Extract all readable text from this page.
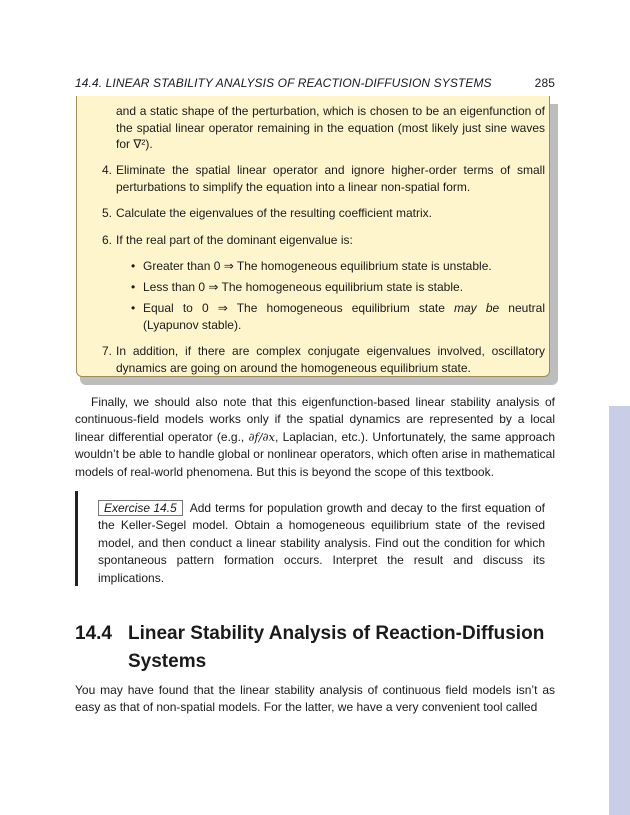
14.4. LINEAR STABILITY ANALYSIS OF REACTION-DIFFUSION SYSTEMS	285
and a static shape of the perturbation, which is chosen to be an eigenfunction of the spatial linear operator remaining in the equation (most likely just sine waves for ∇²).
4. Eliminate the spatial linear operator and ignore higher-order terms of small perturbations to simplify the equation into a linear non-spatial form.
5. Calculate the eigenvalues of the resulting coefficient matrix.
6. If the real part of the dominant eigenvalue is:
• Greater than 0 ⇒ The homogeneous equilibrium state is unstable.
• Less than 0 ⇒ The homogeneous equilibrium state is stable.
• Equal to 0 ⇒ The homogeneous equilibrium state may be neutral (Lyapunov stable).
7. In addition, if there are complex conjugate eigenvalues involved, oscillatory dynamics are going on around the homogeneous equilibrium state.
Finally, we should also note that this eigenfunction-based linear stability analysis of continuous-field models works only if the spatial dynamics are represented by a local linear differential operator (e.g., ∂f/∂x, Laplacian, etc.). Unfortunately, the same approach wouldn’t be able to handle global or nonlinear operators, which often arise in mathematical models of real-world phenomena. But this is beyond the scope of this textbook.
Exercise 14.5 Add terms for population growth and decay to the first equation of the Keller-Segel model. Obtain a homogeneous equilibrium state of the revised model, and then conduct a linear stability analysis. Find out the condition for which spontaneous pattern formation occurs. Interpret the result and discuss its implications.
14.4 Linear Stability Analysis of Reaction-Diffusion Systems
You may have found that the linear stability analysis of continuous field models isn’t as easy as that of non-spatial models. For the latter, we have a very convenient tool called
